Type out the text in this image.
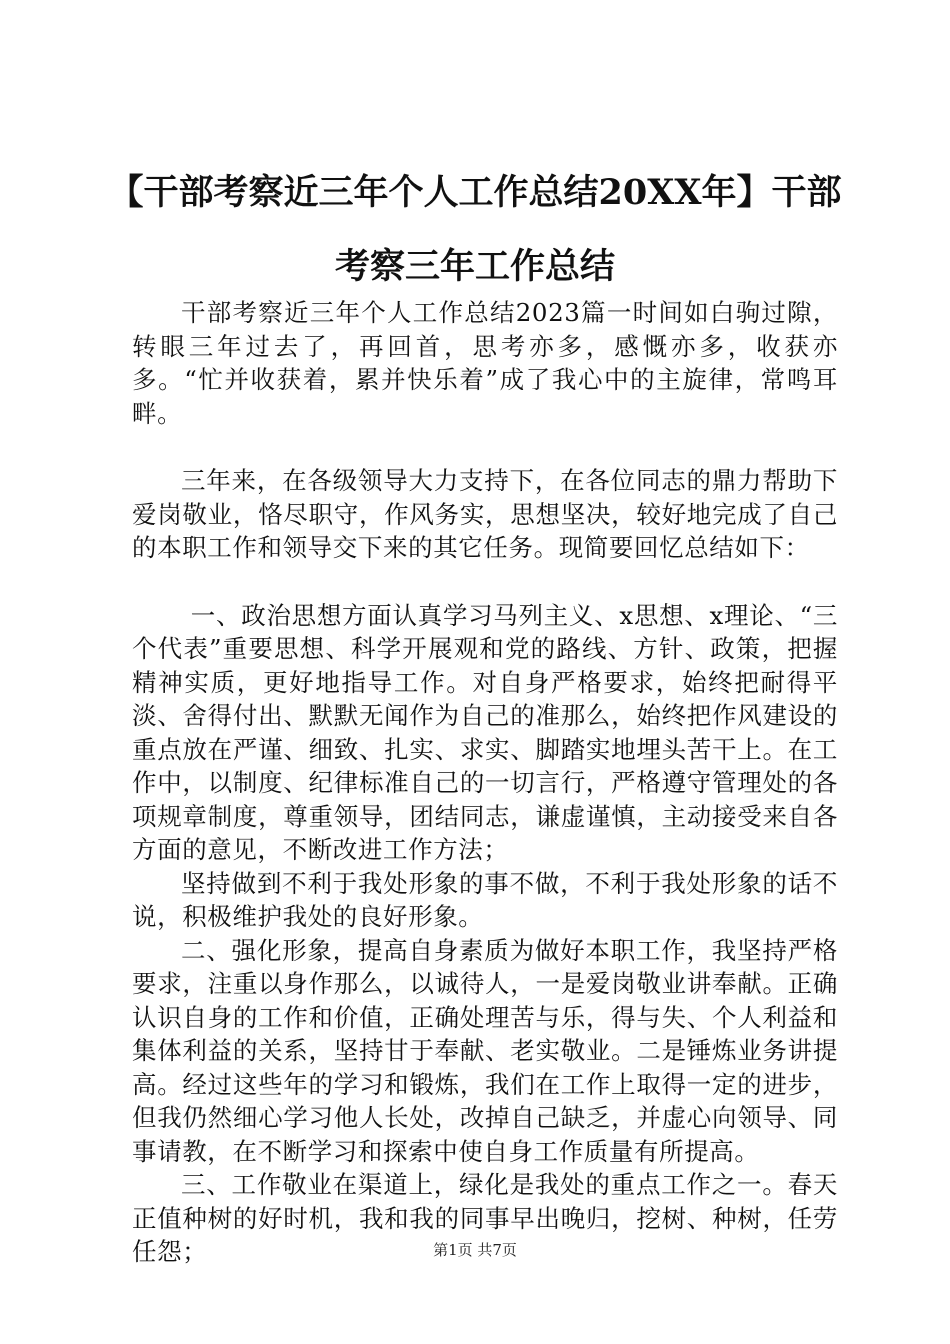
【干部考察近三年个人工作总结20XX年】干部考察三年工作总结

干部考察近三年个人工作总结2023篇一时间如白驹过隙，转眼三年过去了，再回首，思考亦多，感慨亦多，收获亦多。“忙并收获着，累并快乐着”成了我心中的主旋律，常鸣耳畔。

三年来，在各级领导大力支持下，在各位同志的鼎力帮助下爱岗敬业，恪尽职守，作风务实，思想坚决，较好地完成了自己的本职工作和领导交下来的其它任务。现简要回忆总结如下：

一、政治思想方面认真学习马列主义、x思想、x理论、“三个代表”重要思想、科学开展观和党的路线、方针、政策，把握精神实质，更好地指导工作。对自身严格要求，始终把耐得平淡、舍得付出、默默无闻作为自己的准那么，始终把作风建设的重点放在严谨、细致、扎实、求实、脚踏实地埋头苦干上。在工作中，以制度、纪律标准自己的一切言行，严格遵守管理处的各项规章制度，尊重领导，团结同志，谦虚谨慎，主动接受来自各方面的意见，不断改进工作方法；

坚持做到不利于我处形象的事不做，不利于我处形象的话不说，积极维护我处的良好形象。

二、强化形象，提高自身素质为做好本职工作，我坚持严格要求，注重以身作那么，以诚待人，一是爱岗敬业讲奉献。正确认识自身的工作和价值，正确处理苦与乐，得与失、个人利益和集体利益的关系，坚持甘于奉献、老实敬业。二是锤炼业务讲提高。经过这些年的学习和锻炼，我们在工作上取得一定的进步，但我仍然细心学习他人长处，改掉自己缺乏，并虚心向领导、同事请教，在不断学习和探索中使自身工作质量有所提高。

三、工作敬业在渠道上，绿化是我处的重点工作之一。春天正值种树的好时机，我和我的同事早出晚归，挖树、种树，任劳任怨；	第1页 共7页
